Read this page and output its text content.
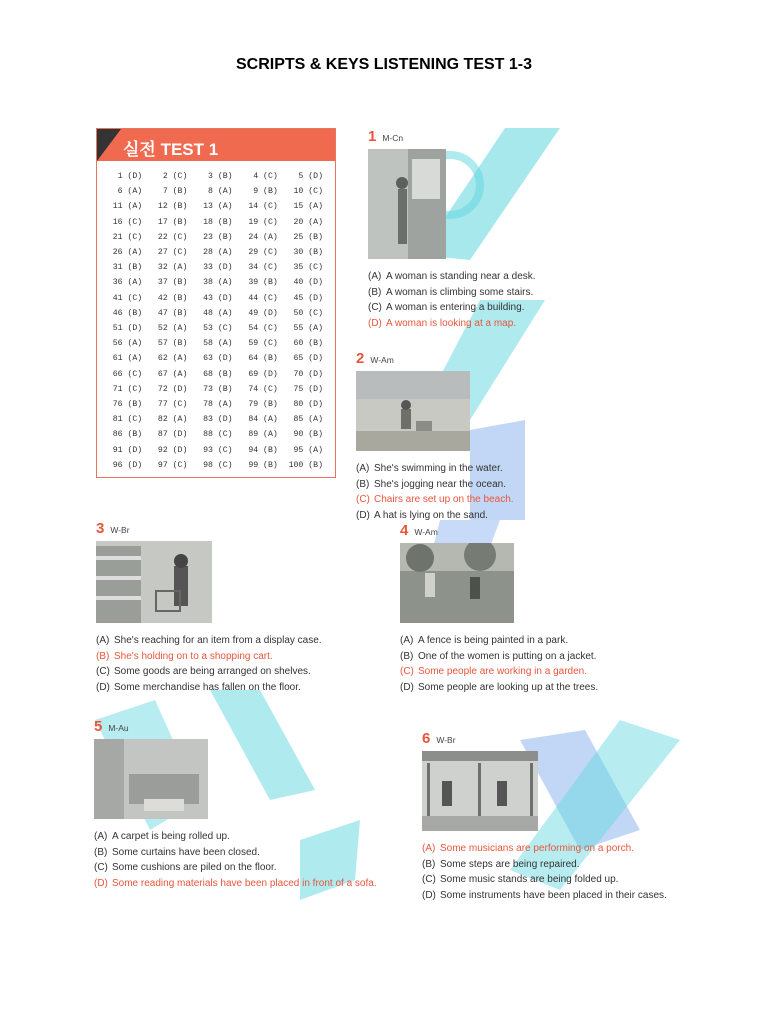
SCRIPTS & KEYS LISTENING TEST 1-3
실전 TEST 1
1 (D)	2 (C)	3 (B)	4 (C)	5 (D)
6 (A)	7 (B)	8 (A)	9 (B)	10 (C)
11 (A)	12 (B)	13 (A)	14 (C)	15 (A)
16 (C)	17 (B)	18 (B)	19 (C)	20 (A)
21 (C)	22 (C)	23 (B)	24 (A)	25 (B)
26 (A)	27 (C)	28 (A)	29 (C)	30 (B)
31 (B)	32 (A)	33 (D)	34 (C)	35 (C)
36 (A)	37 (B)	38 (A)	39 (B)	40 (D)
41 (C)	42 (B)	43 (D)	44 (C)	45 (D)
46 (B)	47 (B)	48 (A)	49 (D)	50 (C)
51 (D)	52 (A)	53 (C)	54 (C)	55 (A)
56 (A)	57 (B)	58 (A)	59 (C)	60 (B)
61 (A)	62 (A)	63 (D)	64 (B)	65 (D)
66 (C)	67 (A)	68 (B)	69 (D)	70 (D)
71 (C)	72 (D)	73 (B)	74 (C)	75 (D)
76 (B)	77 (C)	78 (A)	79 (B)	80 (D)
81 (C)	82 (A)	83 (D)	84 (A)	85 (A)
86 (B)	87 (D)	88 (C)	89 (A)	90 (B)
91 (D)	92 (D)	93 (C)	94 (B)	95 (A)
96 (D)	97 (C)	98 (C)	99 (B)	100 (B)
1 M-Cn
(A) A woman is standing near a desk.
(B) A woman is climbing some stairs.
(C) A woman is entering a building.
(D) A woman is looking at a map.
2 W-Am
(A) She's swimming in the water.
(B) She's jogging near the ocean.
(C) Chairs are set up on the beach.
(D) A hat is lying on the sand.
3 W-Br
(A) She's reaching for an item from a display case.
(B) She's holding on to a shopping cart.
(C) Some goods are being arranged on shelves.
(D) Some merchandise has fallen on the floor.
4 W-Am
(A) A fence is being painted in a park.
(B) One of the women is putting on a jacket.
(C) Some people are working in a garden.
(D) Some people are looking up at the trees.
5 M-Au
(A) A carpet is being rolled up.
(B) Some curtains have been closed.
(C) Some cushions are piled on the floor.
(D) Some reading materials have been placed in front of a sofa.
6 W-Br
(A) Some musicians are performing on a porch.
(B) Some steps are being repaired.
(C) Some music stands are being folded up.
(D) Some instruments have been placed in their cases.
